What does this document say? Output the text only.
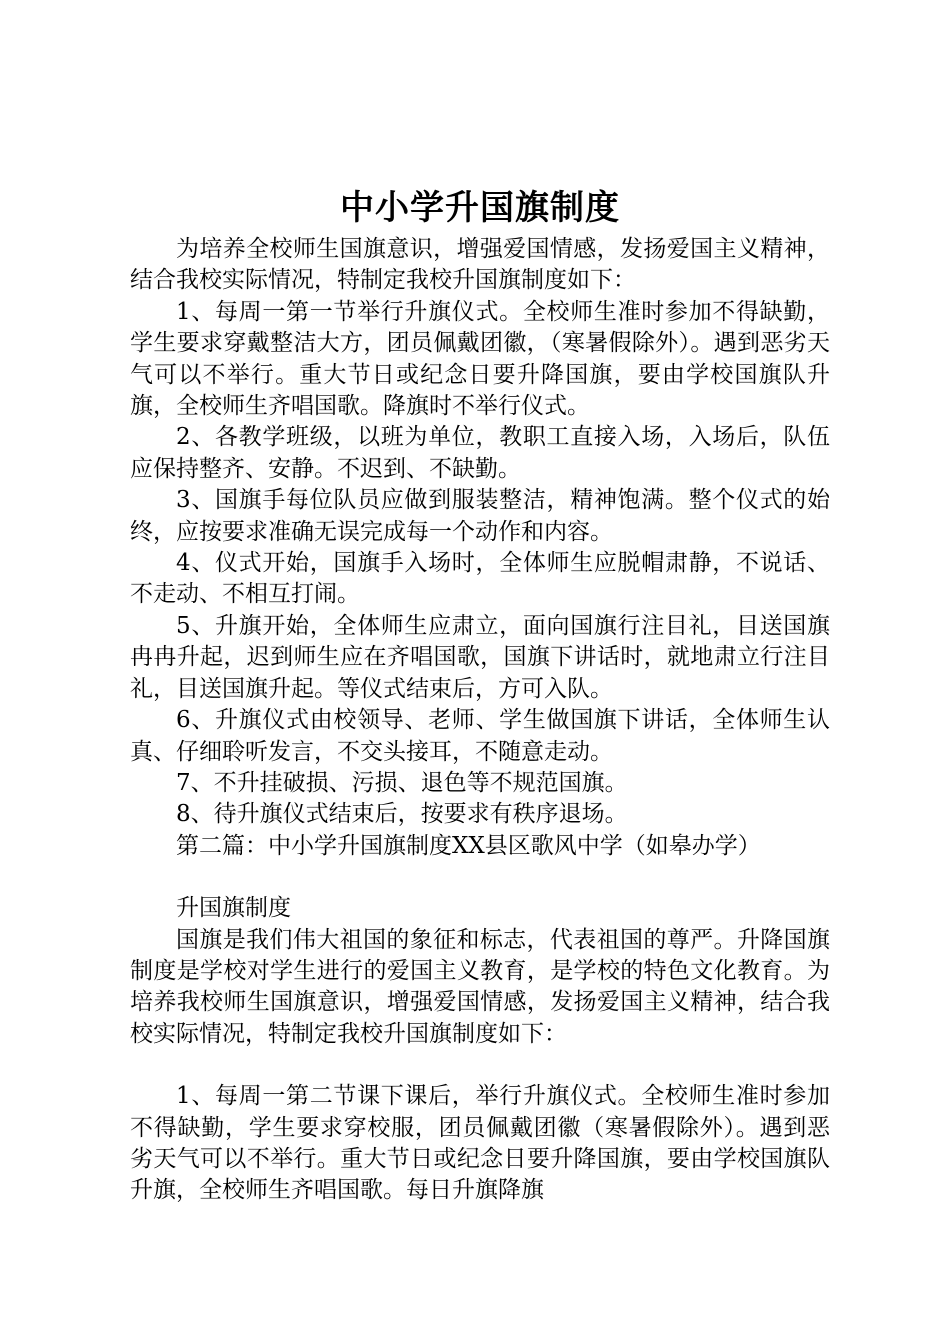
中小学升国旗制度

为培养全校师生国旗意识，增强爱国情感，发扬爱国主义精神，结合我校实际情况，特制定我校升国旗制度如下：

1、每周一第一节举行升旗仪式。全校师生准时参加不得缺勤，学生要求穿戴整洁大方，团员佩戴团徽，（寒暑假除外）。遇到恶劣天气可以不举行。重大节日或纪念日要升降国旗，要由学校国旗队升旗，全校师生齐唱国歌。降旗时不举行仪式。

2、各教学班级，以班为单位，教职工直接入场，入场后，队伍应保持整齐、安静。不迟到、不缺勤。

3、国旗手每位队员应做到服装整洁，精神饱满。整个仪式的始终，应按要求准确无误完成每一个动作和内容。

4、仪式开始，国旗手入场时，全体师生应脱帽肃静，不说话、不走动、不相互打闹。

5、升旗开始，全体师生应肃立，面向国旗行注目礼，目送国旗冉冉升起，迟到师生应在齐唱国歌，国旗下讲话时，就地肃立行注目礼，目送国旗升起。等仪式结束后，方可入队。

6、升旗仪式由校领导、老师、学生做国旗下讲话，全体师生认真、仔细聆听发言，不交头接耳，不随意走动。

7、不升挂破损、污损、退色等不规范国旗。

8、待升旗仪式结束后，按要求有秩序退场。

第二篇：中小学升国旗制度XX县区歌风中学（如皋办学）

升国旗制度

国旗是我们伟大祖国的象征和标志，代表祖国的尊严。升降国旗制度是学校对学生进行的爱国主义教育，是学校的特色文化教育。为培养我校师生国旗意识，增强爱国情感，发扬爱国主义精神，结合我校实际情况，特制定我校升国旗制度如下：

1、每周一第二节课下课后，举行升旗仪式。全校师生准时参加不得缺勤，学生要求穿校服，团员佩戴团徽（寒暑假除外）。遇到恶劣天气可以不举行。重大节日或纪念日要升降国旗，要由学校国旗队升旗，全校师生齐唱国歌。每日升旗降旗
